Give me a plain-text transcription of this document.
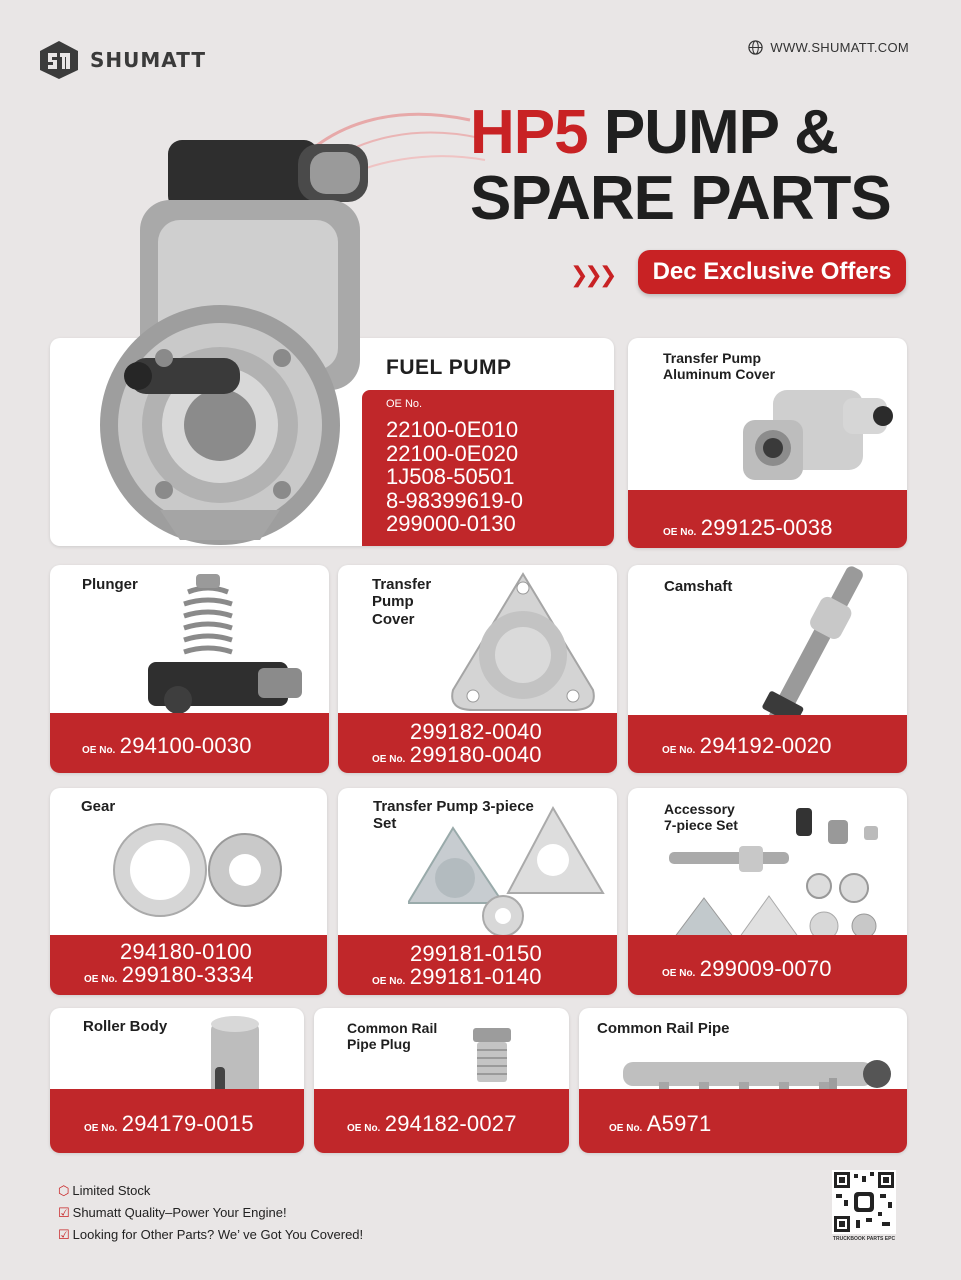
SHUMATT
WWW.SHUMATT.COM
HP5 PUMP &
SPARE PARTS
❯❯❯	Dec Exclusive Offers
FUEL PUMP
OE No.
22100-0E010
22100-0E020
1J508-50501
8-98399619-0
299000-0130
Transfer Pump
Aluminum Cover
OE No. 299125-0038
Plunger
OE No. 294100-0030
Transfer
Pump
Cover
299182-0040
OE No. 299180-0040
Camshaft
OE No. 294192-0020
Gear
294180-0100
OE No. 299180-3334
Transfer Pump 3-piece
Set
299181-0150
OE No. 299181-0140
Accessory
7-piece Set
OE No. 299009-0070
Roller Body
OE No. 294179-0015
Common Rail
Pipe Plug
OE No. 294182-0027
Common Rail Pipe
OE No. A5971
⬡ Limited Stock
☑ Shumatt Quality–Power Your Engine!
☑ Looking for Other Parts? We’ ve Got You Covered!	TRUCKBOOK PARTS EPC
